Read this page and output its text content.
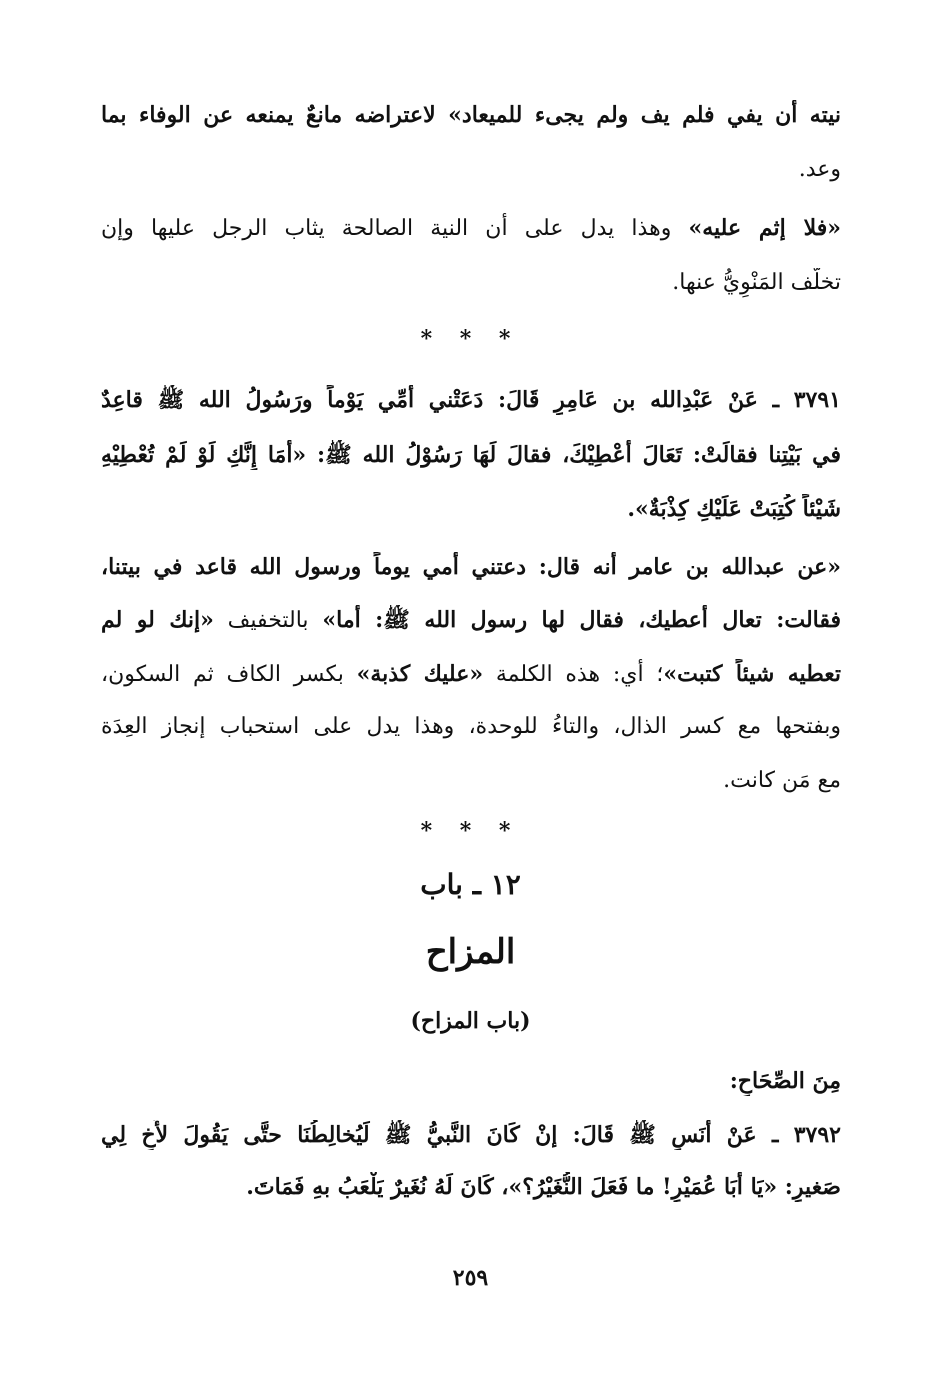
نيته أن يفي فلم يف ولم يجىء للميعاد» لاعتراضه مانعٌ يمنعه عن الوفاء بما
وعد.
«فلا إثم عليه» وهذا يدل على أن النية الصالحة يثاب الرجل عليها وإن
تخلَّف المَنْوِيُّ عنها.
* * *
٣٧٩١ ـ عَنْ عَبْدِالله بن عَامِرٍ قَالَ: دَعَتْني أُمِّي يَوْماً ورَسُولُ الله ﷺ قاعِدٌ
في بَيْتِنا فقالَتْ: تَعَالَ أُعْطِيْكَ، فقالَ لَهَا رَسُوْلُ الله ﷺ: «أَمَا إِنَّكِ لَوْ لَمْ تُعْطِيْهِ
شَيْئاً كُتِبَتْ عَلَيْكِ كِذْبَةٌ».
«عن عبدالله بن عامر أنه قال: دعتني أمي يوماً ورسول الله قاعد في بيتنا،
فقالت: تعال أعطيك، فقال لها رسول الله ﷺ: أما» بالتخفيف «إنك لو لم
تعطيه شيئاً كتبت»؛ أي: هذه الكلمة «عليك كذبة» بكسر الكاف ثم السكون،
وبفتحها مع كسر الذال، والتاءُ للوحدة، وهذا يدل على استحباب إنجاز العِدَة
مع مَن كانت.
* * *
١٢ ـ باب
المزاح
(باب المزاح)
مِنَ الصِّحَاحِ:
٣٧٩٢ ـ عَنْ أَنَسٍ ﷺ قَالَ: إنْ كَانَ النَّبيُّ ﷺ لَيُخالِطُنَا حتَّى يَقُولَ لأَخٍ لِي
صَغيرٍ: «يَا أَبَا عُمَيْرٍ! ما فَعَلَ النُّغَيْرُ؟»، كَانَ لَهُ نُغَيرٌ يَلْعَبُ بهِ فَمَاتَ.
٢٥٩
